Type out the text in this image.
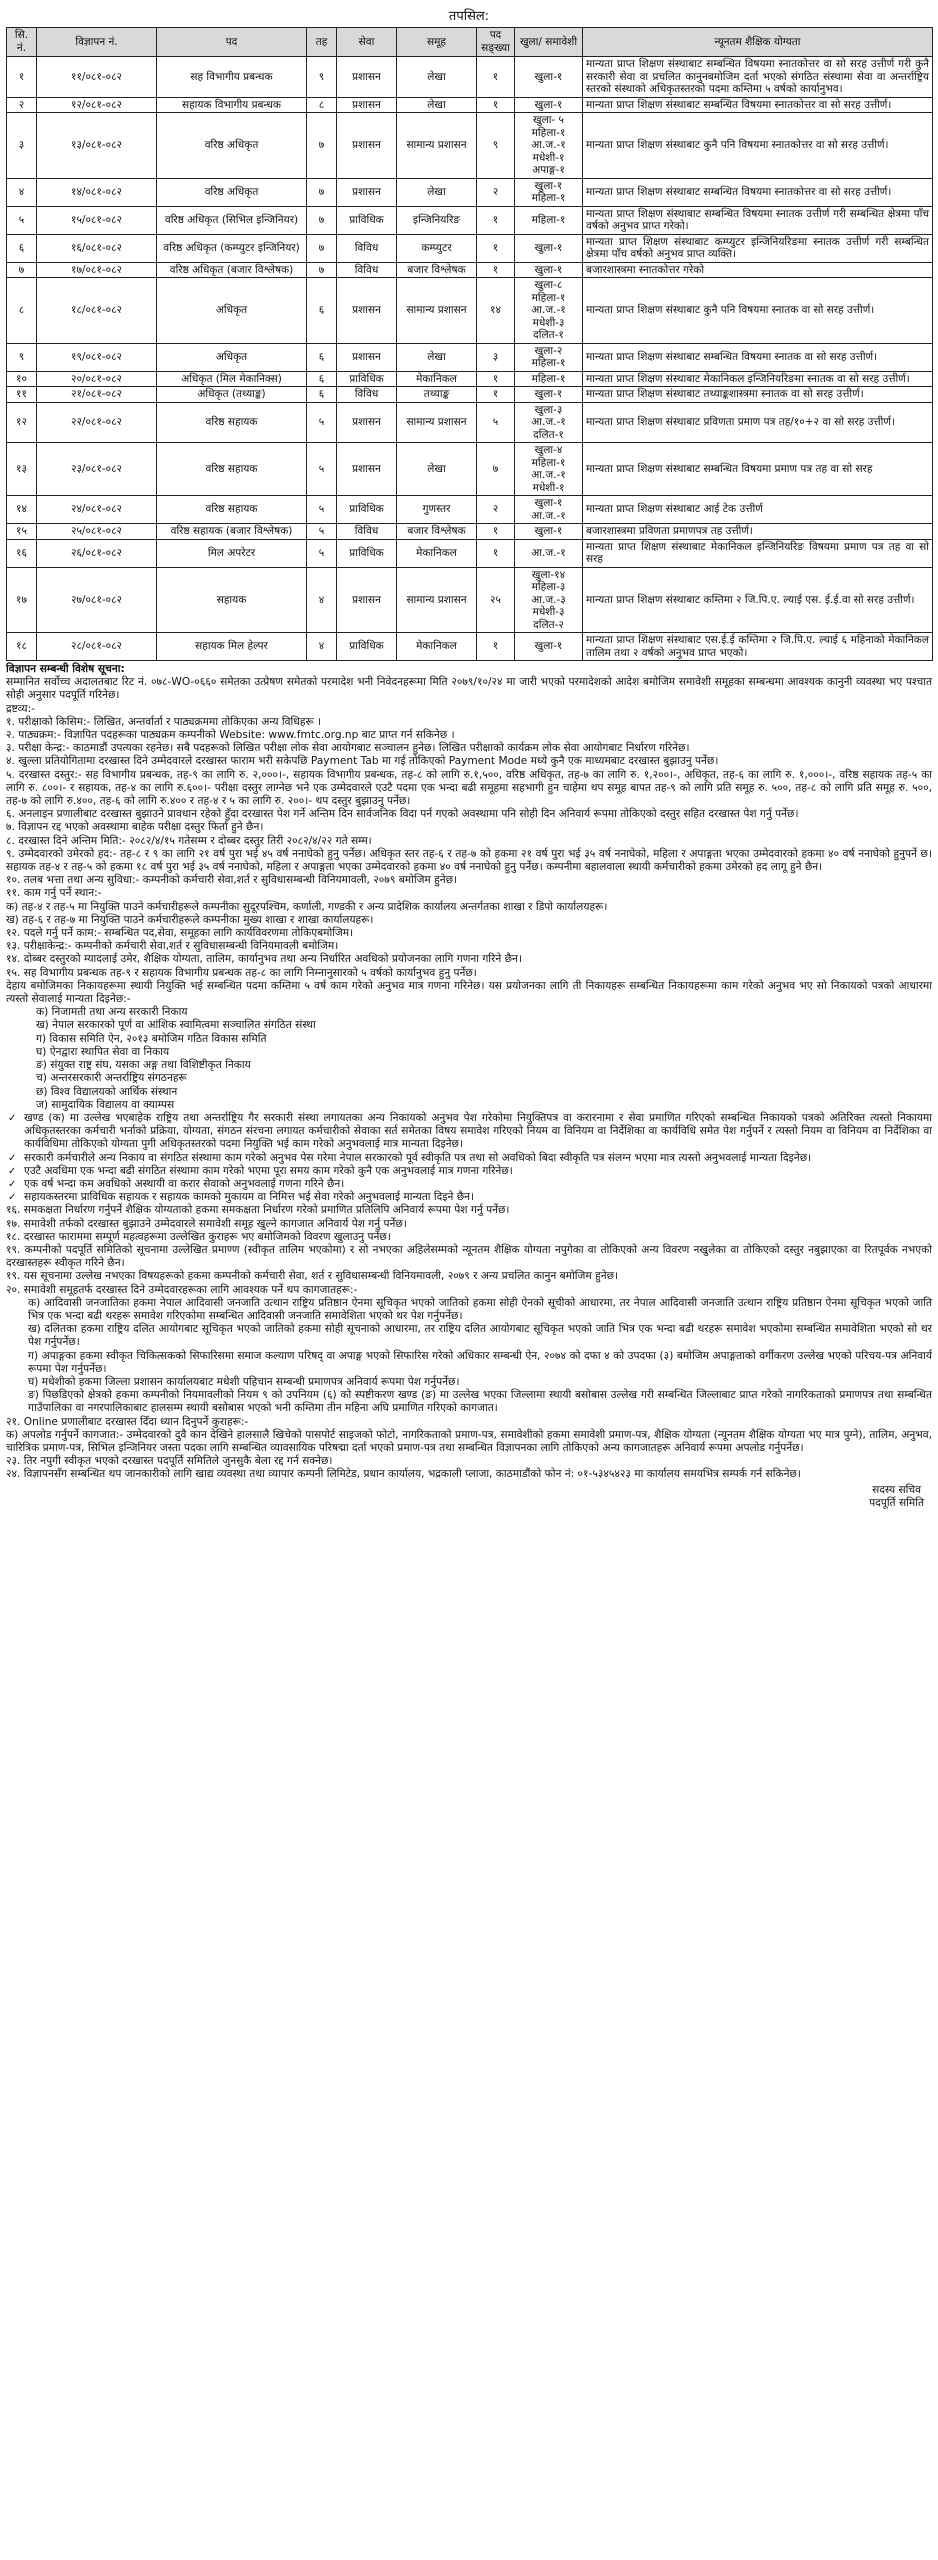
तपसिल:
सि. नं.	विज्ञापन नं.	पद	तह	सेवा	समूह	पद सङ्ख्या	खुला/ समावेशी	न्यूनतम शैक्षिक योग्यता
१	११/०८१-०८२	सह विभागीय प्रबन्धक	९	प्रशासन	लेखा	१	खुला-१	मान्यता प्राप्त शिक्षण संस्थाबाट सम्बन्धित विषयमा स्नातकोत्तर वा सो सरह उत्तीर्ण गरी कुनै सरकारी सेवा वा प्रचलित कानुनबमोजिम दर्ता भएको संगठित संस्थामा सेवा वा अन्तर्राष्ट्रिय स्तरको संस्थाको अधिकृतस्तरको पदमा कम्तिमा ५ वर्षको कार्यानुभव।
२	१२/०८१-०८२	सहायक विभागीय प्रबन्धक	८	प्रशासन	लेखा	१	खुला-१	मान्यता प्राप्त शिक्षण संस्थाबाट सम्बन्धित विषयमा स्नातकोत्तर वा सो सरह उत्तीर्ण।
३	१३/०८१-०८२	वरिष्ठ अधिकृत	७	प्रशासन	सामान्य प्रशासन	९	खुला- ५ महिला-१ आ.ज.-१ मधेशी-१ अपाङ्ग-१	मान्यता प्राप्त शिक्षण संस्थाबाट कुनै पनि विषयमा स्नातकोत्तर वा सो सरह उत्तीर्ण।
४	१४/०८१-०८२	वरिष्ठ अधिकृत	७	प्रशासन	लेखा	२	खुला-१ महिला-१	मान्यता प्राप्त शिक्षण संस्थाबाट सम्बन्धित विषयमा स्नातकोत्तर वा सो सरह उत्तीर्ण।
५	१५/०८१-०८२	वरिष्ठ अधिकृत (सिभिल इन्जिनियर)	७	प्राविधिक	इन्जिनियरिङ	१	महिला-१	मान्यता प्राप्त शिक्षण संस्थाबाट सम्बन्धित विषयमा स्नातक उत्तीर्ण गरी सम्बन्धित क्षेत्रमा पाँच वर्षको अनुभव प्राप्त गरेको।
६	१६/०८१-०८२	वरिष्ठ अधिकृत (कम्प्युटर इन्जिनियर)	७	विविध	कम्प्युटर	१	खुला-१	मान्यता प्राप्त शिक्षण संस्थाबाट कम्प्युटर इन्जिनियरिङमा स्नातक उत्तीर्ण गरी सम्बन्धित क्षेत्रमा पाँच वर्षको अनुभव प्राप्त व्यक्ति।
७	१७/०८१-०८२	वरिष्ठ अधिकृत (बजार विश्लेषक)	७	विविध	बजार विश्लेषक	१	खुला-१	बजारशास्त्रमा स्नातकोत्तर गरेको
८	१८/०८१-०८२	अधिकृत	६	प्रशासन	सामान्य प्रशासन	१४	खुला-८ महिला-१ आ.ज.-१ मधेशी-३ दलित-१	मान्यता प्राप्त शिक्षण संस्थाबाट कुनै पनि विषयमा स्नातक वा सो सरह उत्तीर्ण।
९	१९/०८१-०८२	अधिकृत	६	प्रशासन	लेखा	३	खुला-२ महिला-१	मान्यता प्राप्त शिक्षण संस्थाबाट सम्बन्धित विषयमा स्नातक वा सो सरह उत्तीर्ण।
१०	२०/०८१-०८२	अधिकृत (मिल मेकानिक्स)	६	प्राविधिक	मेकानिकल	१	महिला-१	मान्यता प्राप्त शिक्षण संस्थाबाट मेकानिकल इन्जिनियरिङमा स्नातक वा सो सरह उत्तीर्ण।
११	२१/०८१-०८२	अधिकृत (तथ्याङ्क)	६	विविध	तथ्याङ्क	१	खुला-१	मान्यता प्राप्त शिक्षण संस्थाबाट तथ्याङ्कशास्त्रमा स्नातक वा सो सरह उत्तीर्ण।
१२	२२/०८१-०८२	वरिष्ठ सहायक	५	प्रशासन	सामान्य प्रशासन	५	खुला-३ आ.ज.-१ दलित-१	मान्यता प्राप्त शिक्षण संस्थाबाट प्रविणता प्रमाण पत्र तह/१०+२ वा सो सरह उत्तीर्ण।
१३	२३/०८१-०८२	वरिष्ठ सहायक	५	प्रशासन	लेखा	७	खुला-४ महिला-१ आ.ज.-१ मधेशी-१	मान्यता प्राप्त शिक्षण संस्थाबाट सम्बन्धित विषयमा प्रमाण पत्र तह वा सो सरह
१४	२४/०८१-०८२	वरिष्ठ सहायक	५	प्राविधिक	गुणस्तर	२	खुला-१ आ.ज.-१	मान्यता प्राप्त शिक्षण संस्थाबाट आई टेक उत्तीर्ण
१५	२५/०८१-०८२	वरिष्ठ सहायक (बजार विश्लेषक)	५	विविध	बजार विश्लेषक	१	खुला-१	बजारशास्त्रमा प्रविणता प्रमाणपत्र तह उत्तीर्ण।
१६	२६/०८१-०८२	मिल अपरेटर	५	प्राविधिक	मेकानिकल	१	आ.ज.-१	मान्यता प्राप्त शिक्षण संस्थाबाट मेकानिकल इन्जिनियरिङ विषयमा प्रमाण पत्र तह वा सो सरह
१७	२७/०८१-०८२	सहायक	४	प्रशासन	सामान्य प्रशासन	२५	खुला-१४ महिला-३ आ.ज.-३ मधेशी-३ दलित-२	मान्यता प्राप्त शिक्षण संस्थाबाट कम्तिमा २ जि.पि.ए. ल्याई एस. ई.ई.वा सो सरह उत्तीर्ण।
१८	२८/०८१-०८२	सहायक मिल हेल्पर	४	प्राविधिक	मेकानिकल	१	खुला-१	मान्यता प्राप्त शिक्षण संस्थाबाट एस.ई.ई कम्तिमा २ जि.पि.ए. ल्याई ६ महिनाको मेकानिकल तालिम तथा २ वर्षको अनुभव प्राप्त भएको।

विज्ञापन सम्बन्धी विशेष सूचना:

सम्मानित सर्वोच्च अदालतबाट रिट नं. ०७८-WO-०६६० समेतका उत्प्रेषण समेतको परमादेश भनी निवेदनहरूमा मिति २०७९/१०/२४ मा जारी भएको परमादेशको आदेश बमोजिम समावेशी समूहका सम्बन्धमा आवश्यक कानुनी व्यवस्था भए पश्चात सोही अनुसार पदपूर्ति गरिनेछ।

द्रष्टव्य:-

१. परीक्षाको किसिम:- लिखित, अन्तर्वार्ता र पाठ्यक्रममा तोकिएका अन्य विधिहरू ।

२. पाठ्यक्रम:- विज्ञापित पदहरूका पाठ्यक्रम कम्पनीको Website: www.fmtc.org.np बाट प्राप्त गर्न सकिनेछ ।

३. परीक्षा केन्द्र:- काठमाडौं उपत्यका रहनेछ। सबै पदहरूको लिखित परीक्षा लोक सेवा आयोगबाट सञ्चालन हुनेछ। लिखित परीक्षाको कार्यक्रम लोक सेवा आयोगबाट निर्धारण गरिनेछ।

४. खुल्ला प्रतियोगितामा दरखास्त दिने उम्मेदवारले दरखास्त फाराम भरी सकेपछि Payment Tab मा गई तोकिएको Payment Mode मध्ये कुनै एक माध्यमबाट दरखास्त बुझाउनु पर्नेछ।

५. दरखास्त दस्तुर:- सह विभागीय प्रबन्धक, तह-९ का लागि रु. २,०००।-, सहायक विभागीय प्रबन्धक, तह-८ को लागि रु.१,५००, वरिष्ठ अधिकृत, तह-७ का लागि रु. १,२००।-, अधिकृत, तह-६ का लागि रु. १,०००।-, वरिष्ठ सहायक तह-५ का लागि रु. ८००।- र सहायक, तह-४ का लागि रु.६००।- परीक्षा दस्तुर लाग्नेछ भने एक उम्मेदवारले एउटै पदमा एक भन्दा बढी समूहमा सहभागी हुन चाहेमा थप समूह बापत तह-९ को लागि प्रति समूह रु. ५००, तह-८ को लागि प्रति समूह रु. ५००, तह-७ को लागि रु.४००, तह-६ को लागि रु.४०० र तह-४ र ५ का लागि रु. २००।- थप दस्तुर बुझाउनु पर्नेछ।

६. अनलाइन प्रणालीबाट दरखास्त बुझाउने प्रावधान रहेको हुँदा दरखास्त पेश गर्ने अन्तिम दिन सार्वजनिक विदा पर्न गएको अवस्थामा पनि सोही दिन अनिवार्य रूपमा तोकिएको दस्तुर सहित दरखास्त पेश गर्नु पर्नेछ।

७. विज्ञापन रद्द भएको अवस्थामा बाहेक परीक्षा दस्तुर फिर्ता हुने छैन।

८. दरखास्त दिने अन्तिम मिति:- २०८२/४/१५ गतेसम्म र दोब्बर दस्तुर तिरी २०८२/४/२२ गते सम्म।

९. उम्मेदवारको उमेरको हद:- तह-८ र ९ का लागि २१ वर्ष पुरा भई ४५ वर्ष ननाघेको हुनु पर्नेछ। अधिकृत स्तर तह-६ र तह-७ को हकमा २१ वर्ष पुरा भई ३५ वर्ष ननाघेको, महिला र अपाङ्गता भएका उम्मेदवारको हकमा ४० वर्ष ननाघेको हुनुपर्ने छ। सहायक तह-४ र तह-५ को हकमा १८ वर्ष पुरा भई ३५ वर्ष ननाघेको, महिला र अपाङ्गता भएका उम्मेदवारको हकमा ४० वर्ष ननाघेको हुनु पर्नेछ। कम्पनीमा बहालवाला स्थायी कर्मचारीको हकमा उमेरको हद लागू हुने छैन।

१०. तलब भत्ता तथा अन्य सुविधा:- कम्पनीको कर्मचारी सेवा,शर्त र सुविधासम्बन्धी विनियमावली, २०७९ बमोजिम हुनेछ।

११. काम गर्नु पर्ने स्थान:-

क) तह-४ र तह-५ मा नियुक्ति पाउने कर्मचारीहरूले कम्पनीका सुदूरपश्चिम, कर्णाली, गण्डकी र अन्य प्रादेशिक कार्यालय अन्तर्गतका शाखा र डिपो कार्यालयहरू।

ख) तह-६ र तह-७ मा नियुक्ति पाउने कर्मचारीहरूले कम्पनीका मुख्य शाखा र शाखा कार्यालयहरू।

१२. पदले गर्नु पर्ने काम:- सम्बन्धित पद,सेवा, समूहका लागि कार्यविवरणमा तोकिएबमोजिम।

१३. परीक्षाकेन्द्र:- कम्पनीको कर्मचारी सेवा,शर्त र सुविधासम्बन्धी विनियमावली बमोजिम।

१४. दोब्बर दस्तुरको म्यादलाई उमेर, शैक्षिक योग्यता, तालिम, कार्यानुभव तथा अन्य निर्धारित अवधिको प्रयोजनका लागि गणना गरिने छैन।

१५. सह विभागीय प्रबन्धक तह-९ र सहायक विभागीय प्रबन्धक तह-८ का लागि निम्नानुसारको ५ वर्षको कार्यानुभव हुनु पर्नेछ।

देहाय बमोजिमका निकायहरूमा स्थायी नियुक्ति भई सम्बन्धित पदमा कम्तिमा ५ वर्ष काम गरेको अनुभव मात्र गणना गरिनेछ। यस प्रयोजनका लागि ती निकायहरू सम्बन्धित निकायहरूमा काम गरेको अनुभव भए सो निकायको पत्रको आधारमा त्यस्तो सेवालाई मान्यता दिइनेछ:-

क) निजामती तथा अन्य सरकारी निकाय

ख) नेपाल सरकारको पूर्ण वा आंशिक स्वामित्वमा सञ्चालित संगठित संस्था

ग) विकास समिति ऐन, २०१३ बमोजिम गठित विकास समिति

घ) ऐनद्वारा स्थापित सेवा वा निकाय

ङ) संयुक्त राष्ट्र संघ, यसका अङ्ग तथा विशिष्टीकृत निकाय

च) अन्तरसरकारी अन्तर्राष्ट्रिय संगठनहरू

छ) विश्व विद्यालयको आर्थिक संस्थान

ज) सामुदायिक विद्यालय वा क्याम्पस

✓ खण्ड (क) मा उल्लेख भएबाहेक राष्ट्रिय तथा अन्तर्राष्ट्रिय गैर सरकारी संस्था लगायतका अन्य निकायको अनुभव पेश गरेकोमा नियुक्तिपत्र वा करारनामा र सेवा प्रमाणित गरिएको सम्बन्धित निकायको पत्रको अतिरिक्त त्यस्तो निकायमा अधिकृतस्तरका कर्मचारी भर्नाको प्रक्रिया, योग्यता, संगठन संरचना लगायत कर्मचारीको सेवाका सर्त समेतका विषय समावेश गरिएको नियम वा विनियम वा निर्देशिका वा कार्यविधि समेत पेश गर्नुपर्ने र त्यस्तो नियम वा विनियम वा निर्देशिका वा कार्यविधिमा तोकिएको योग्यता पुगी अधिकृतस्तरको पदमा नियुक्ति भई काम गरेको अनुभवलाई मात्र मान्यता दिइनेछ।

✓ सरकारी कर्मचारीले अन्य निकाय वा संगठित संस्थामा काम गरेको अनुभव पेस गरेमा नेपाल सरकारको पूर्व स्वीकृति पत्र तथा सो अवधिको बिदा स्वीकृति पत्र संलग्न भएमा मात्र त्यस्तो अनुभवलाई मान्यता दिइनेछ।

✓ एउटै अवधिमा एक भन्दा बढी संगठित संस्थामा काम गरेको भएमा पूरा समय काम गरेको कुनै एक अनुभवलाई मात्र गणना गरिनेछ।

✓ एक वर्ष भन्दा कम अवधिको अस्थायी वा करार सेवाको अनुभवलाई गणना गरिने छैन।

✓ सहायकस्तरमा प्राविधिक सहायक र सहायक कामको मुकायम वा निमित्त भई सेवा गरेको अनुभवलाई मान्यता दिइने छैन।

१६. समकक्षता निर्धारण गर्नुपर्ने शैक्षिक योग्यताको हकमा समकक्षता निर्धारण गरेको प्रमाणित प्रतिलिपि अनिवार्य रूपमा पेश गर्नु पर्नेछ।

१७. समावेशी तर्फको दरखास्त बुझाउने उम्मेदवारले समावेशी समूह खुल्ने कागजात अनिवार्य पेश गर्नु पर्नेछ।

१८. दरखास्त फाराममा सम्पूर्ण महत्वहरूमा उल्लेखित कुराहरू भए बमोजिमको विवरण खुलाउनु पर्नेछ।

१९. कम्पनीको पदपूर्ति समितिको सूचनामा उल्लेखित प्रमाण्ण (स्वीकृत तालिम भएकोमा) र सो नभएका अहिलेसम्मको न्यूनतम शैक्षिक योग्यता नपुगेका वा तोकिएको अन्य विवरण नखुलेका वा तोकिएको दस्तुर नबुझाएका वा रितपूर्वक नभएको दरखास्तहरू स्वीकृत गरिने छैन।

१९. यस सूचनामा उल्लेख नभएका विषयहरूको हकमा कम्पनीको कर्मचारी सेवा, शर्त र सुविधासम्बन्धी विनियमावली, २०७९ र अन्य प्रचलित कानुन बमोजिम हुनेछ।

२०. समावेशी समूहतर्फ दरखास्त दिने उम्मेदवारहरूका लागि आवश्यक पर्ने थप कागजातहरू:-

क) आदिवासी जनजातिका हकमा नेपाल आदिवासी जनजाति उत्थान राष्ट्रिय प्रतिष्ठान ऐनमा सूचिकृत भएको जातिको हकमा सोही ऐनको सूचीको आधारमा, तर नेपाल आदिवासी जनजाति उत्थान राष्ट्रिय प्रतिष्ठान ऐनमा सूचिकृत भएको जाति भित्र एक भन्दा बढी थरहरू समावेश गरिएकोमा सम्बन्धित आदिवासी जनजाति समावेशिता भएको थर पेश गर्नुपर्नेछ।

ख) दलितका हकमा राष्ट्रिय दलित आयोगबाट सूचिकृत भएको जातिको हकमा सोही सूचनाको आधारमा, तर राष्ट्रिय दलित आयोगबाट सूचिकृत भएको जाति भित्र एक भन्दा बढी थरहरू समावेश भएकोमा सम्बन्धित समावेशिता भएको सो थर पेश गर्नुपर्नेछ।

ग) अपाङ्गका हकमा स्वीकृत चिकित्सकको सिफारिसमा समाज कल्याण परिषद् वा अपाङ्ग भएको सिफारिस गरेको अधिकार सम्बन्धी ऐन, २०७४ को दफा ४ को उपदफा (३) बमोजिम अपाङ्गताको वर्गीकरण उल्लेख भएको परिचय-पत्र अनिवार्य रूपमा पेश गर्नुपर्नेछ।

घ) मधेशीको हकमा जिल्ला प्रशासन कार्यालयबाट मधेशी पहिचान सम्बन्धी प्रमाणपत्र अनिवार्य रूपमा पेश गर्नुपर्नेछ।

ङ) पिछडिएको क्षेत्रको हकमा कम्पनीको नियमावलीको नियम ९ को उपनियम (६) को स्पष्टीकरण खण्ड (ङ) मा उल्लेख भएका जिल्लामा स्थायी बसोबास उल्लेख गरी सम्बन्धित जिल्लाबाट प्राप्त गरेको नागरिकताको प्रमाणपत्र तथा सम्बन्धित गाउँपालिका वा नगरपालिकाबाट हालसम्म स्थायी बसोबास भएको भनी कम्तिमा तीन महिना अघि प्रमाणित गरिएको कागजात।

२१. Online प्रणालीबाट दरखास्त दिँदा ध्यान दिनुपर्ने कुराहरू:-

क) अपलोड गर्नुपर्ने कागजात:- उम्मेदवारको दुवै कान देखिने हालसालै खिचेको पासपोर्ट साइजको फोटो, नागरिकताको प्रमाण-पत्र, समावेशीको हकमा समावेशी प्रमाण-पत्र, शैक्षिक योग्यता (न्यूनतम शैक्षिक योग्यता भए मात्र पुग्ने), तालिम, अनुभव, चारित्रिक प्रमाण-पत्र, सिभिल इन्जिनियर जस्ता पदका लागि सम्बन्धित व्यावसायिक परिषद्मा दर्ता भएको प्रमाण-पत्र तथा सम्बन्धित विज्ञापनका लागि तोकिएको अन्य कागजातहरू अनिवार्य रूपमा अपलोड गर्नुपर्नेछ।

२३. तिर नपुगी स्वीकृत भएको दरखास्त पदपूर्ति समितिले जुनसुकै बेला रद्द गर्न सक्नेछ।

२४. विज्ञापनसँग सम्बन्धित थप जानकारीको लागि खाद्य व्यवस्था तथा व्यापार कम्पनी लिमिटेड, प्रधान कार्यालय, भद्रकाली प्लाजा, काठमाडौंको फोन नं: ०१-५३४५४२३ मा कार्यालय समयभित्र सम्पर्क गर्न सकिनेछ।

सदस्य सचिव
पदपूर्ति समिति
